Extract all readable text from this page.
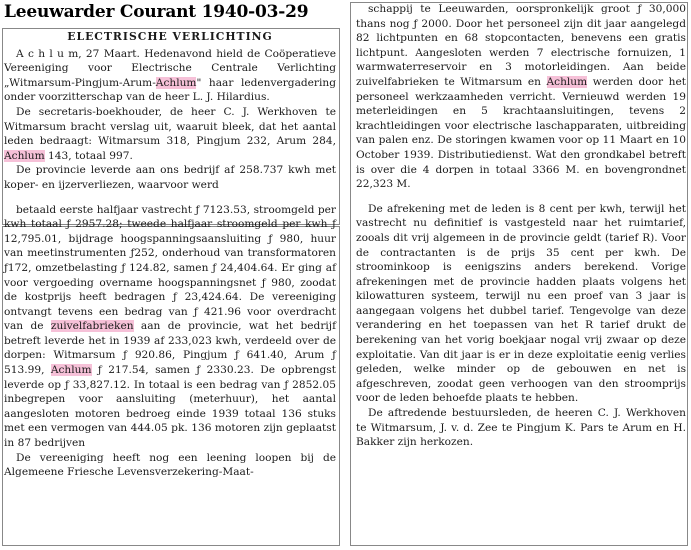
Leeuwarder Courant 1940-03-29
ELECTRISCHE VERLICHTING

A c h l u m, 27 Maart. Hedenavond hield de Coöperatieve Vereeniging voor Electrische Centrale Verlichting „Witmarsum-Pingjum-Arum-Achlum" haar ledenvergadering onder voorzitterschap van de heer L. J. Hilardius.

De secretaris-boekhouder, de heer C. J. Werkhoven te Witmarsum bracht verslag uit, waaruit bleek, dat het aantal leden bedraagt: Witmarsum 318, Pingjum 232, Arum 284, Achlum 143, totaal 997.

De provincie leverde aan ons bedrijf af 258.737 kwh met koper- en ijzerverliezen, waarvoor werd

betaald eerste halfjaar vastrecht ƒ 7123.53, stroomgeld per kwh totaal ƒ 2957.28; tweede halfjaar stroomgeld per kwh ƒ 12,795.01, bijdrage hoogspanningsaansluiting ƒ 980, huur van meetinstrumenten ƒ252, onderhoud van transformatoren ƒ172, omzetbelasting ƒ 124.82, samen ƒ 24,404.64. Er ging af voor vergoeding overname hoogspanningsnet ƒ 980, zoodat de kostprijs heeft bedragen ƒ 23,424.64. De vereeniging ontvangt tevens een bedrag van ƒ 421.96 voor overdracht van de zuivelfabrieken aan de provincie, wat het bedrijf betreft leverde het in 1939 af 233,023 kwh, verdeeld over de dorpen: Witmarsum ƒ 920.86, Pingjum ƒ 641.40, Arum ƒ 513.99, Achlum ƒ 217.54, samen ƒ 2330.23. De opbrengst leverde op ƒ 33,827.12. In totaal is een bedrag van ƒ 2852.05 inbegrepen voor aansluiting (meterhuur), het aantal aangesloten motoren bedroeg einde 1939 totaal 136 stuks met een vermogen van 444.05 pk. 136 motoren zijn geplaatst in 87 bedrijven

De vereeniging heeft nog een leening loopen bij de Algemeene Friesche Levensverzekering-Maat-

schappij te Leeuwarden, oorspronkelijk groot ƒ 30,000 thans nog ƒ 2000. Door het personeel zijn dit jaar aangelegd 82 lichtpunten en 68 stopcontacten, benevens een gratis lichtpunt. Aangesloten werden 7 electrische fornuizen, 1 warmwaterreservoir en 3 motorleidingen. Aan beide zuivelfabrieken te Witmarsum en Achlum werden door het personeel werkzaamheden verricht. Vernieuwd werden 19 meterleidingen en 5 krachtaansluitingen, tevens 2 krachtleidingen voor electrische laschapparaten, uitbreiding van palen enz. De storingen kwamen voor op 11 Maart en 10 October 1939. Distributiedienst. Wat den grondkabel betreft is over die 4 dorpen in totaal 3366 M. en bovengrondnet 22,323 M.

De afrekening met de leden is 8 cent per kwh, terwijl het vastrecht nu definitief is vastgesteld naar het ruimtarief, zooals dit vrij algemeen in de provincie geldt (tarief R). Voor de contractanten is de prijs 35 cent per kwh. De stroominkoop is eenigszins anders berekend. Vorige afrekeningen met de provincie hadden plaats volgens het kilowatturen systeem, terwijl nu een proef van 3 jaar is aangegaan volgens het dubbel tarief. Tengevolge van deze verandering en het toepassen van het R tarief drukt de berekening van het vorig boekjaar nogal vrij zwaar op deze exploitatie. Van dit jaar is er in deze exploitatie eenig verlies geleden, welke minder op de gebouwen en net is afgeschreven, zoodat geen verhoogen van den stroomprijs voor de leden behoefde plaats te hebben.

De aftredende bestuursleden, de heeren C. J. Werkhoven te Witmarsum, J. v. d. Zee te Pingjum K. Pars te Arum en H. Bakker zijn herkozen.
